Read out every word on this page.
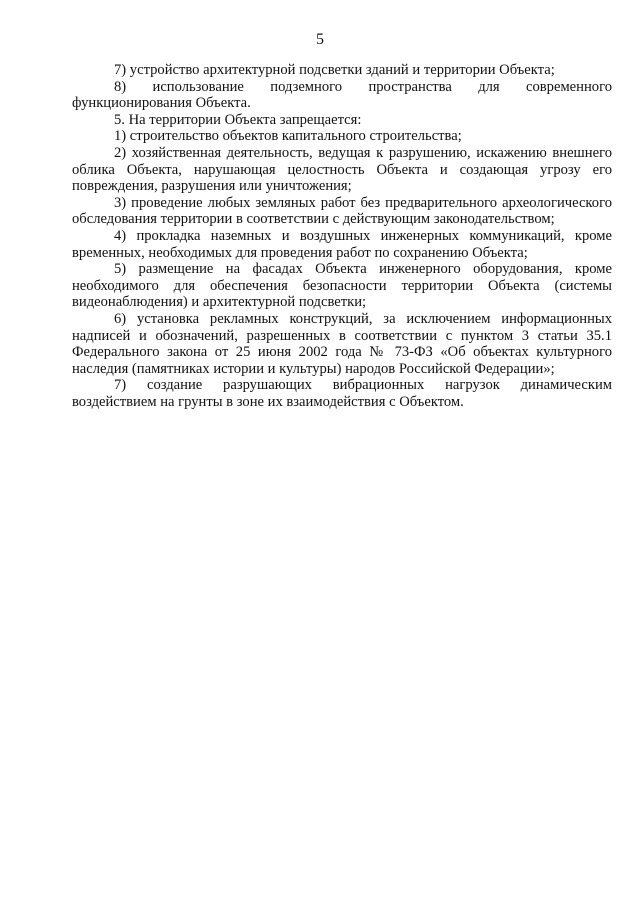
5

7) устройство архитектурной подсветки зданий и территории Объекта;

8) использование подземного пространства для современного функционирования Объекта.

5. На территории Объекта запрещается:

1) строительство объектов капитального строительства;

2) хозяйственная деятельность, ведущая к разрушению, искажению внешнего облика Объекта, нарушающая целостность Объекта и создающая угрозу его повреждения, разрушения или уничтожения;

3) проведение любых земляных работ без предварительного археологического обследования территории в соответствии с действующим законодательством;

4) прокладка наземных и воздушных инженерных коммуникаций, кроме временных, необходимых для проведения работ по сохранению Объекта;

5) размещение на фасадах Объекта инженерного оборудования, кроме необходимого для обеспечения безопасности территории Объекта (системы видеонаблюдения) и архитектурной подсветки;

6) установка рекламных конструкций, за исключением информационных надписей и обозначений, разрешенных в соответствии с пунктом 3 статьи 35.1 Федерального закона от 25 июня 2002 года № 73-ФЗ «Об объектах культурного наследия (памятниках истории и культуры) народов Российской Федерации»;

7) создание разрушающих вибрационных нагрузок динамическим воздействием на грунты в зоне их взаимодействия с Объектом.
